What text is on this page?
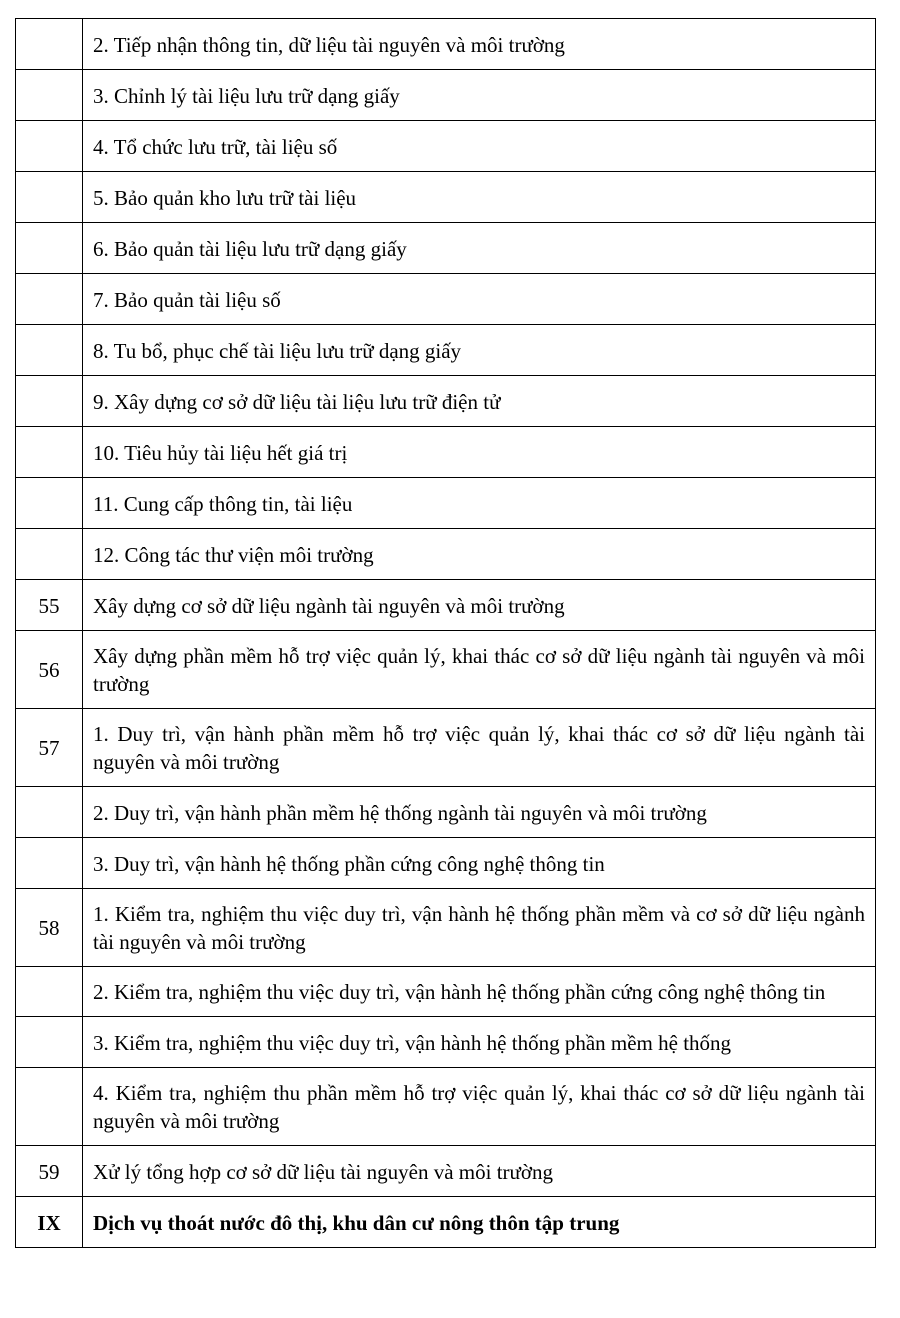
	2. Tiếp nhận thông tin, dữ liệu tài nguyên và môi trường
	3. Chỉnh lý tài liệu lưu trữ dạng giấy
	4. Tổ chức lưu trữ, tài liệu số
	5. Bảo quản kho lưu trữ tài liệu
	6. Bảo quản tài liệu lưu trữ dạng giấy
	7. Bảo quản tài liệu số
	8. Tu bổ, phục chế tài liệu lưu trữ dạng giấy
	9. Xây dựng cơ sở dữ liệu tài liệu lưu trữ điện tử
	10. Tiêu hủy tài liệu hết giá trị
	11. Cung cấp thông tin, tài liệu
	12. Công tác thư viện môi trường
55	Xây dựng cơ sở dữ liệu ngành tài nguyên và môi trường
56	Xây dựng phần mềm hỗ trợ việc quản lý, khai thác cơ sở dữ liệu ngành tài nguyên và môi trường
57	1. Duy trì, vận hành phần mềm hỗ trợ việc quản lý, khai thác cơ sở dữ liệu ngành tài nguyên và môi trường
	2. Duy trì, vận hành phần mềm hệ thống ngành tài nguyên và môi trường
	3. Duy trì, vận hành hệ thống phần cứng công nghệ thông tin
58	1. Kiểm tra, nghiệm thu việc duy trì, vận hành hệ thống phần mềm và cơ sở dữ liệu ngành tài nguyên và môi trường
	2. Kiểm tra, nghiệm thu việc duy trì, vận hành hệ thống phần cứng công nghệ thông tin
	3. Kiểm tra, nghiệm thu việc duy trì, vận hành hệ thống phần mềm hệ thống
	4. Kiểm tra, nghiệm thu phần mềm hỗ trợ việc quản lý, khai thác cơ sở dữ liệu ngành tài nguyên và môi trường
59	Xử lý tổng hợp cơ sở dữ liệu tài nguyên và môi trường
IX	Dịch vụ thoát nước đô thị, khu dân cư nông thôn tập trung
